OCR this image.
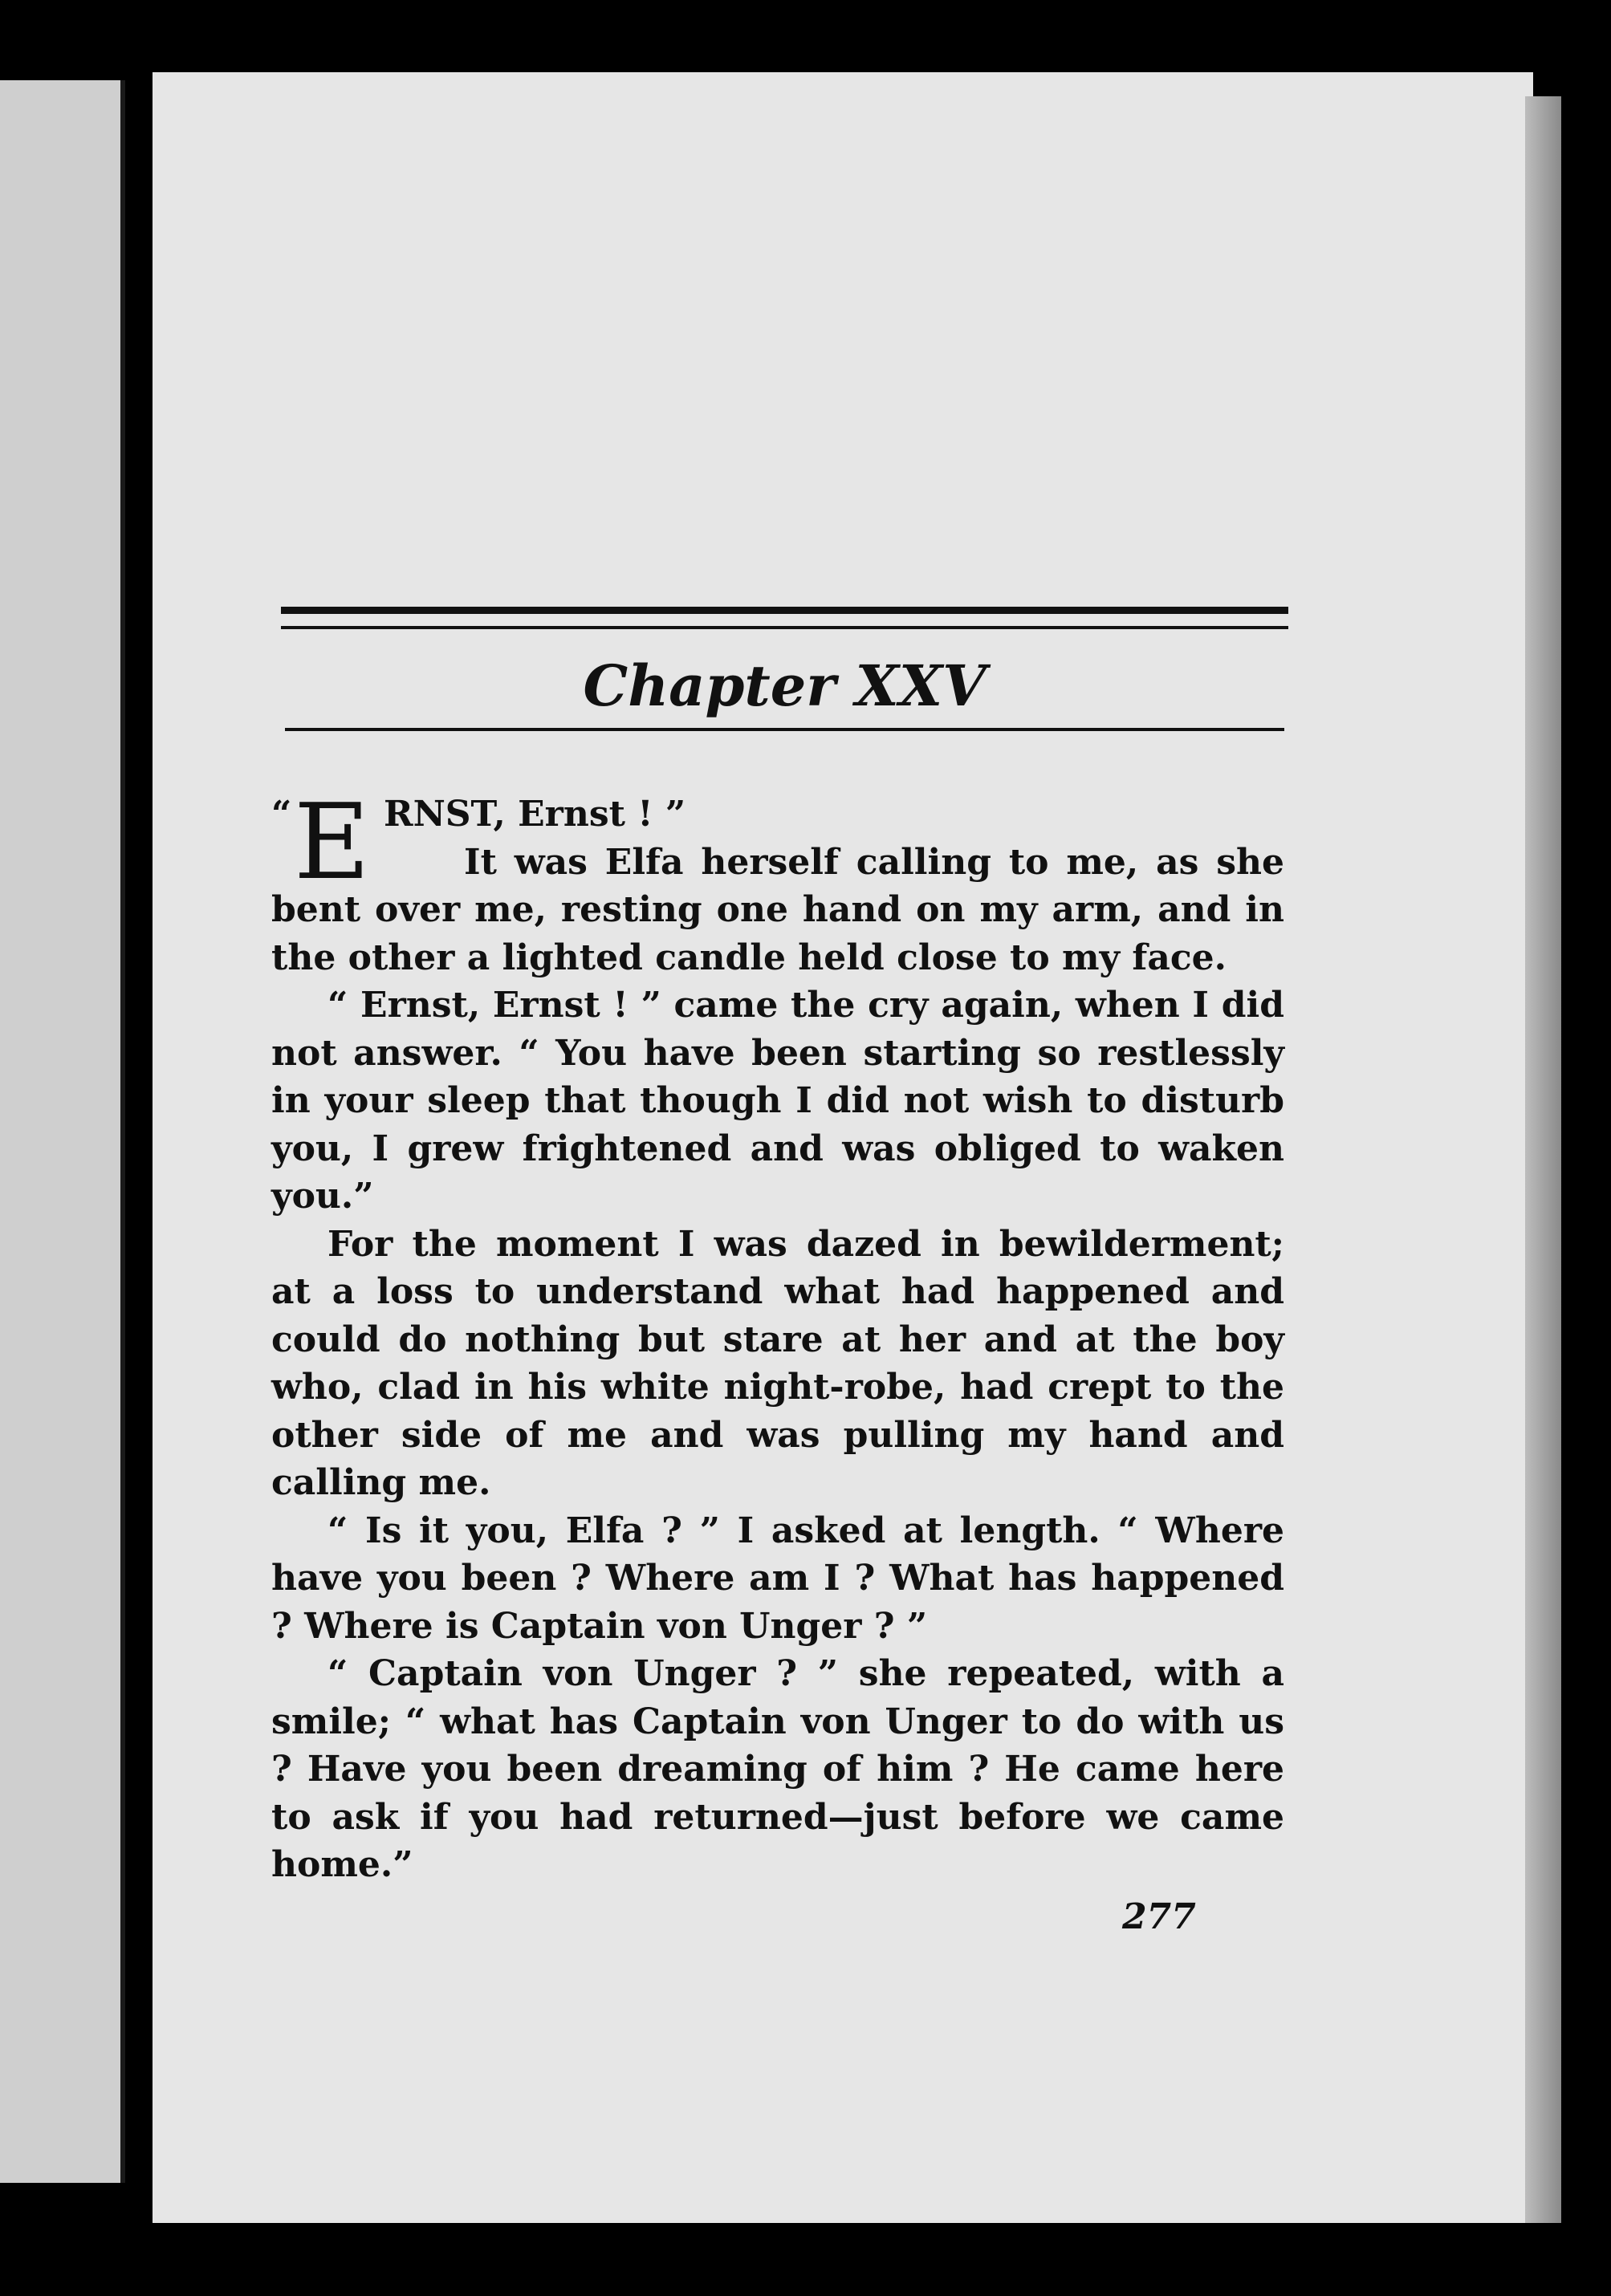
Chapter XXV
“ E RNST, Ernst ! ”
It was Elfa herself calling to me, as she

bent over me, resting one hand on my arm, and in the other a lighted candle held close to my face.

“ Ernst, Ernst ! ” came the cry again, when I did not answer. “ You have been starting so restlessly in your sleep that though I did not wish to disturb you, I grew frightened and was obliged to waken you.”

For the moment I was dazed in bewilderment; at a loss to understand what had happened and could do nothing but stare at her and at the boy who, clad in his white night-robe, had crept to the other side of me and was pulling my hand and calling me.

“ Is it you, Elfa ? ” I asked at length. “ Where have you been ? Where am I ? What has happened ? Where is Captain von Unger ? ”

“ Captain von Unger ? ” she repeated, with a smile; “ what has Captain von Unger to do with us ? Have you been dreaming of him ? He came here to ask if you had returned—just before we came home.”

277
